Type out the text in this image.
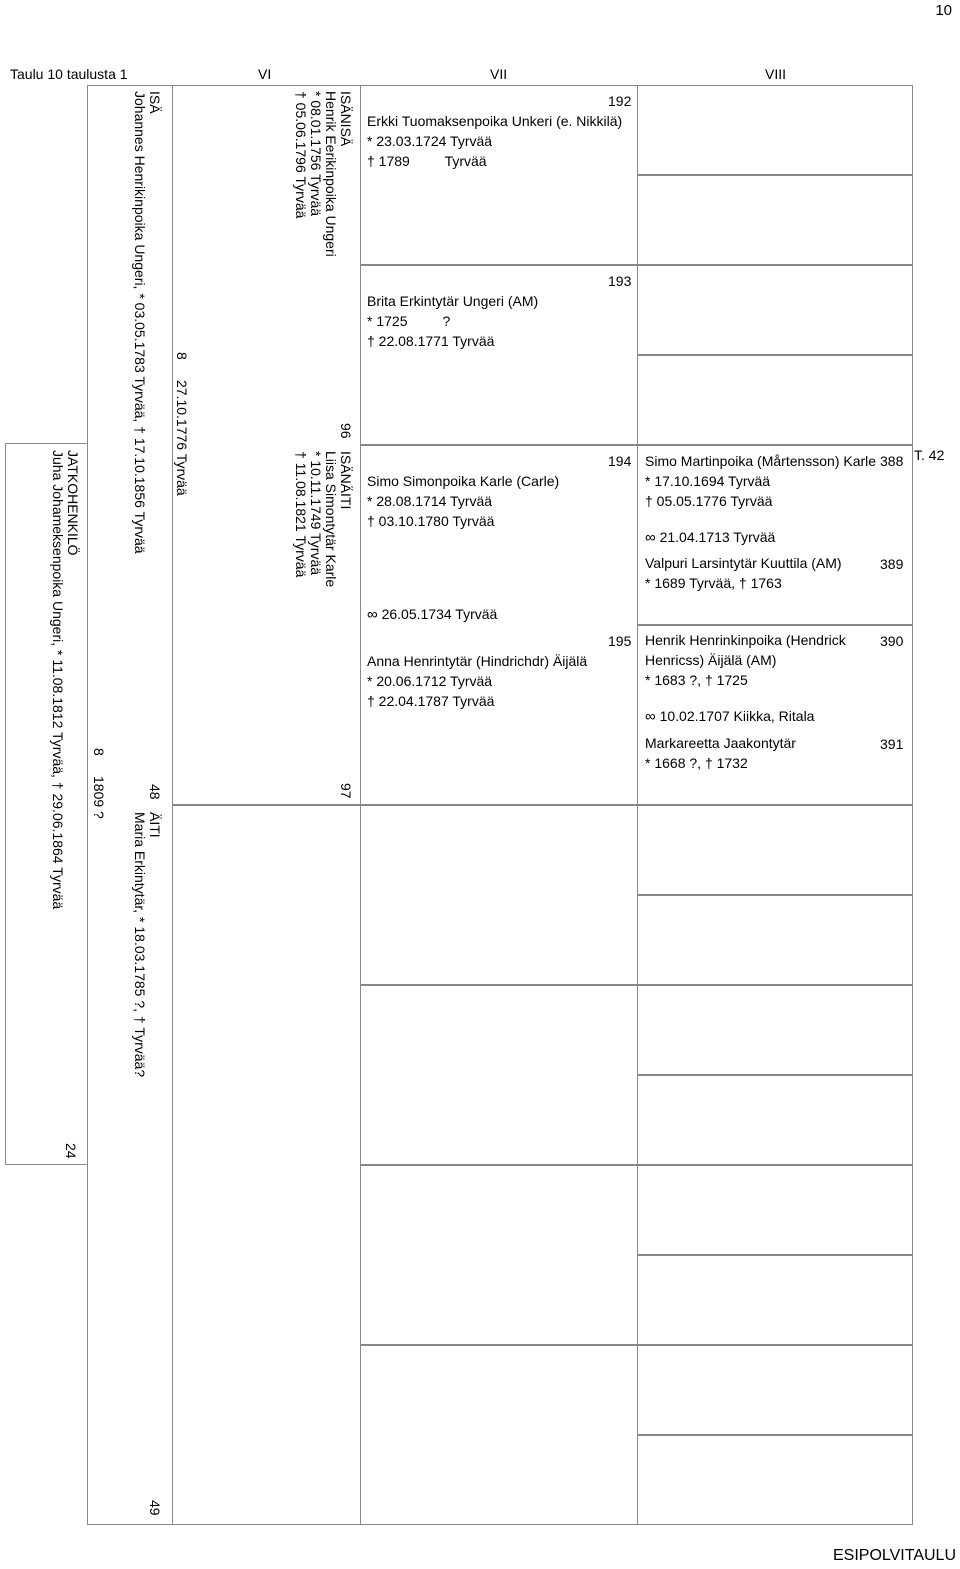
10
Taulu 10 taulusta 1	VI	VII	VIII
JATKOHENKILÖ
Juha Johameksenpoika Ungeri, * 11.08.1812 Tyrvää, † 29.06.1864 Tyrvää
24
ISÄ
Johannes Henrikinpoika Ungeri, * 03.05.1783 Tyrvää, † 17.10.1856 Tyrvää
8
1809 ?	48
ÄITI
Maria Erkintytär, * 18.03.1785 ?, † Tyrvää?
49
ISÄNISÄ
Henrik Eerikinpoika Ungeri
* 08.01.1756 Tyrvää
† 05.06.1796 Tyrvää
8
27.10.1776 Tyrvää	96
ISÄNÄITI
Liisa Simontytär Karle
* 10.11.1749 Tyrvää
† 11.08.1821 Tyrvää
97
192
Erkki Tuomaksenpoika Unkeri (e. Nikkilä)
* 23.03.1724 Tyrvää
† 1789         Tyrvää
193
Brita Erkintytär Ungeri (AM)
* 1725         ?
† 22.08.1771 Tyrvää
194
Simo Simonpoika Karle (Carle)
* 28.08.1714 Tyrvää
† 03.10.1780 Tyrvää
∞ 26.05.1734 Tyrvää
195
Anna Henrintytär (Hindrichdr) Äijälä
* 20.06.1712 Tyrvää
† 22.04.1787 Tyrvää
Simo Martinpoika (Mårtensson) Karle
* 17.10.1694 Tyrvää
† 05.05.1776 Tyrvää
388 T. 42
∞ 21.04.1713 Tyrvää
Valpuri Larsintytär Kuuttila (AM)
* 1689 Tyrvää, † 1763
389
Henrik Henrinkinpoika (Hendrick
Henricss) Äijälä (AM)
* 1683 ?, † 1725
390
∞ 10.02.1707 Kiikka, Ritala
Markareetta Jaakontytär
* 1668 ?, † 1732
391
ESIPOLVITAULU
